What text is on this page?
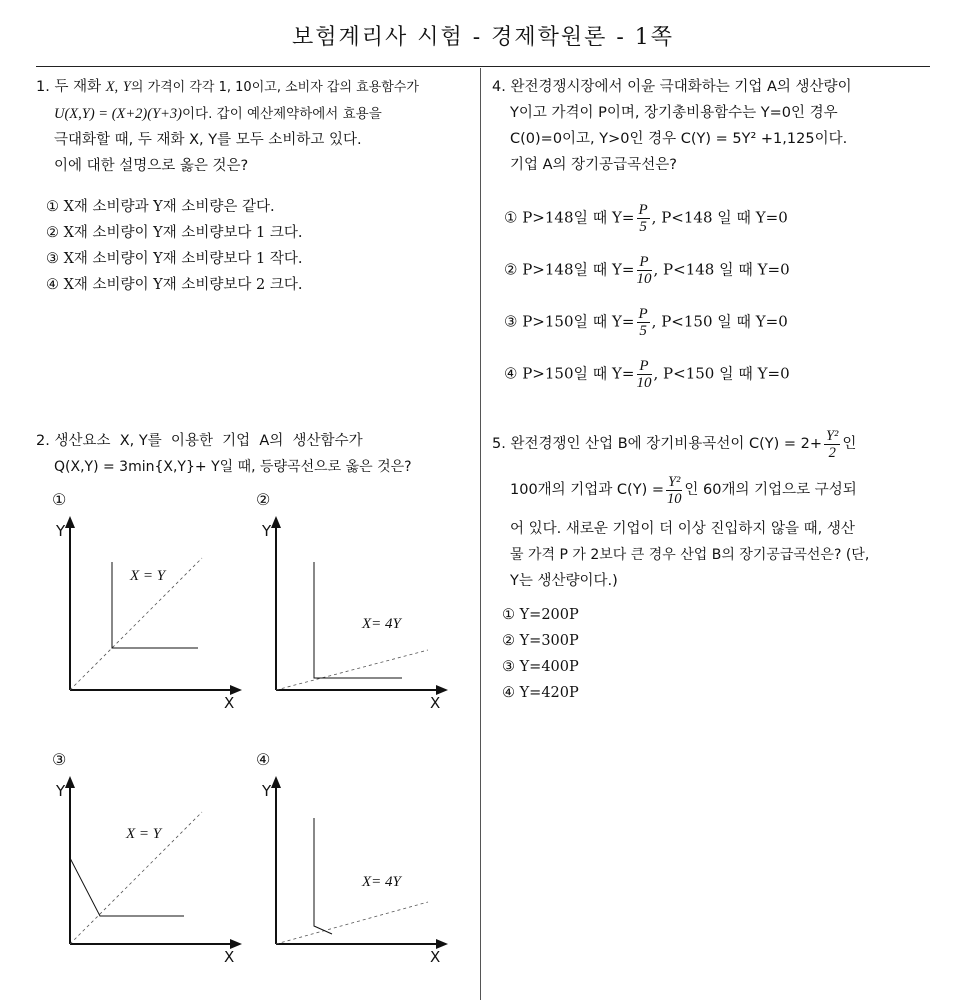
보험계리사 시험 - 경제학원론 - 1쪽
1. 두 재화 X, Y의 가격이 각각 1, 10이고, 소비자 갑의 효용함수가
U(X,Y) = (X+2)(Y+3)이다. 갑이 예산제약하에서 효용을
극대화할 때, 두 재화 X, Y를 모두 소비하고 있다.
이에 대한 설명으로 옳은 것은?
① X재 소비량과 Y재 소비량은 같다.
② X재 소비량이 Y재 소비량보다 1 크다.
③ X재 소비량이 Y재 소비량보다 1 작다.
④ X재 소비량이 Y재 소비량보다 2 크다.
2. 생산요소  X, Y를  이용한  기업  A의  생산함수가
Q(X,Y) = 3min{X,Y}+ Y일 때, 등량곡선으로 옳은 것은?
①
Y
X
X = Y
②
Y
X
X= 4Y
③
Y
X
X = Y
④
Y
X
X= 4Y
4. 완전경쟁시장에서 이윤 극대화하는 기업 A의 생산량이
Y이고 가격이 P이며, 장기총비용함수는 Y=0인 경우
C(0)=0이고, Y>0인 경우 C(Y) = 5Y² +1,125이다.
기업 A의 장기공급곡선은?
① P>148일 때 $Y= \frac{P}{5}$ , P<148 일 때 Y=0
② P>148일 때 $Y= \frac{P}{10}$ , P<148 일 때 Y=0
③ P>150일 때 $Y= \frac{P}{5}$ , P<150 일 때 Y=0
④ P>150일 때 $Y= \frac{P}{10}$ , P<150 일 때 Y=0
5. 완전경쟁인 산업 B에 장기비용곡선이 $C(Y) = 2+ \frac{\text{Y²}}{2}$ 인
100개의 기업과 $C(Y) = \frac{\text{Y²}}{10}$ 인 60개의 기업으로 구성되
어 있다. 새로운 기업이 더 이상 진입하지 않을 때, 생산
물 가격 P 가 2보다 큰 경우 산업 B의 장기공급곡선은? (단,
Y는 생산량이다.)
① Y=200P
② Y=300P
③ Y=400P
④ Y=420P
